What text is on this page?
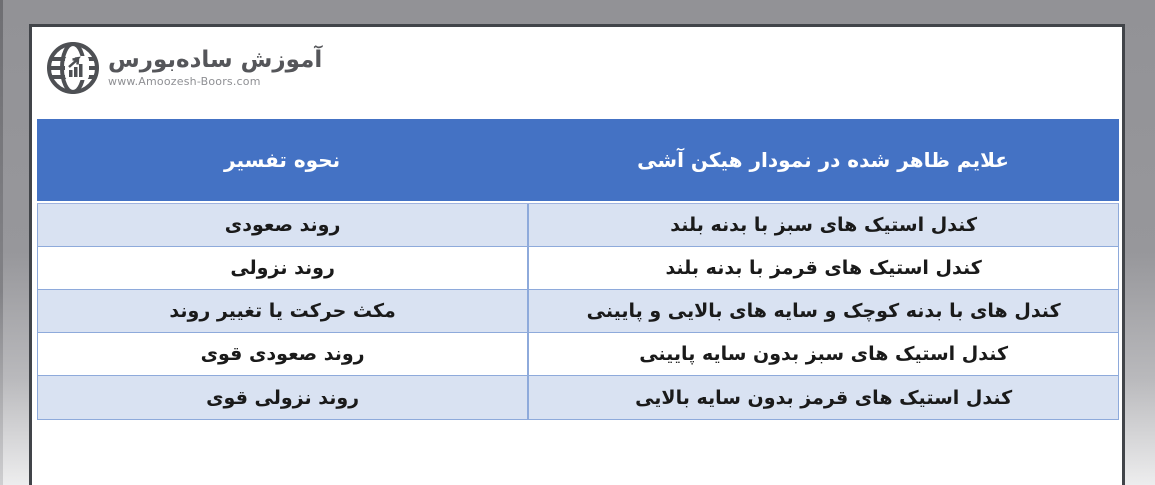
آموزش ساده‌بورس
www.Amoozesh-Boors.com
نحوه تفسیر	علایم ظاهر شده در نمودار هیکن آشی
روند صعودی	کندل استیک های سبز با بدنه بلند
روند نزولی	کندل استیک های قرمز با بدنه بلند
مکث حرکت یا تغییر روند	کندل های با بدنه کوچک و سایه های بالایی و پایینی
روند صعودی قوی	کندل استیک های سبز بدون سایه پایینی
روند نزولی قوی	کندل استیک های قرمز بدون سایه بالایی
